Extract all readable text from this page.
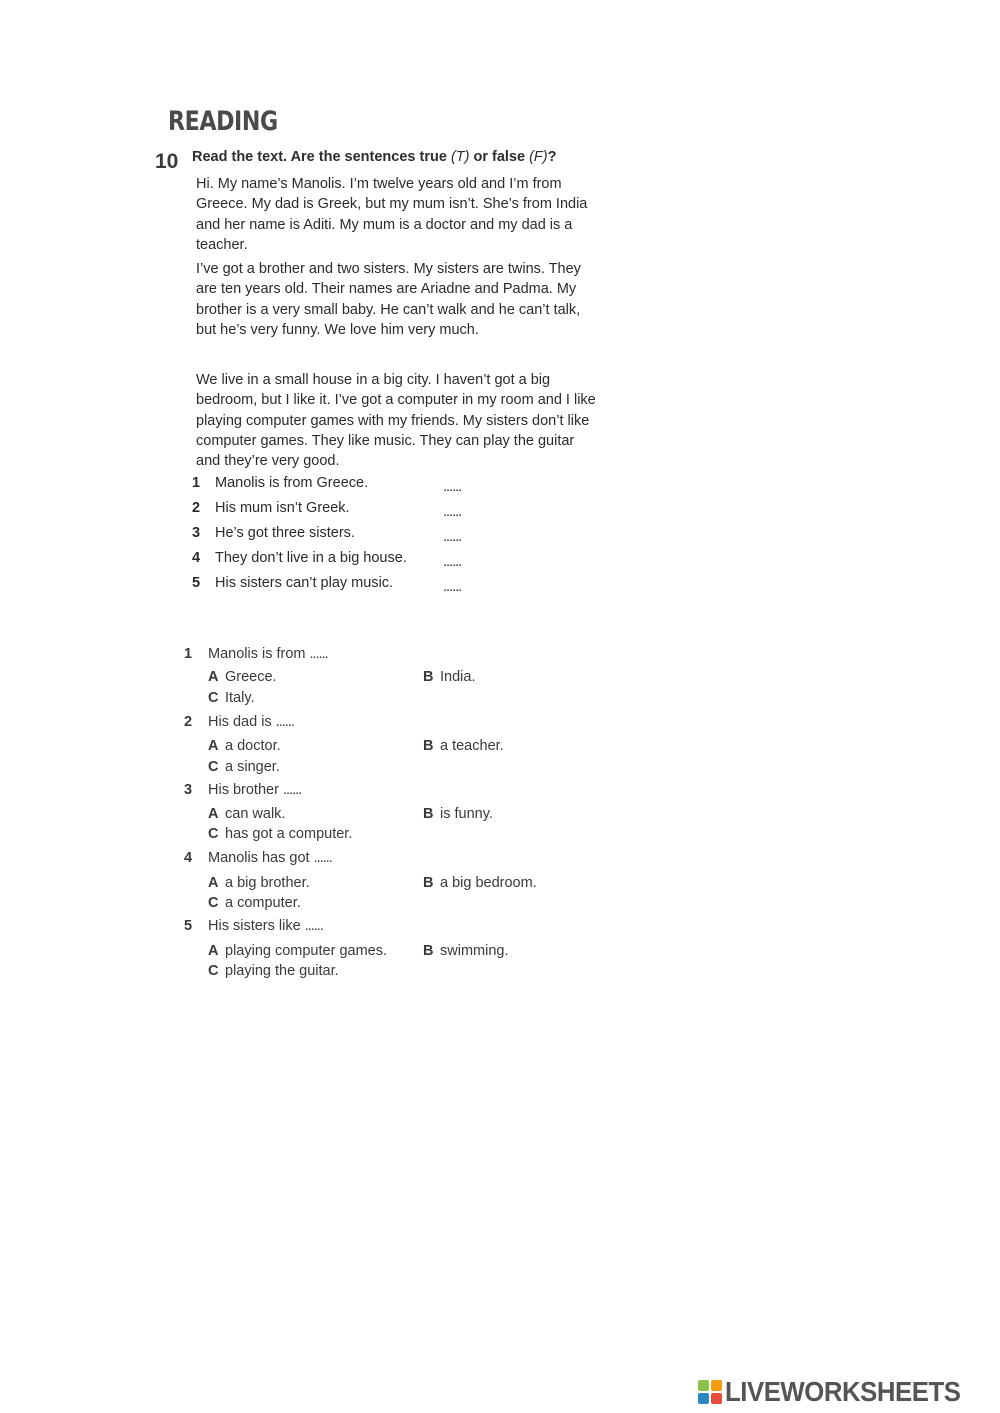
READING
10 Read the text. Are the sentences true (T) or false (F)?
Hi. My name’s Manolis. I’m twelve years old and I’m from Greece. My dad is Greek, but my mum isn’t. She’s from India and her name is Aditi. My mum is a doctor and my dad is a teacher.
I’ve got a brother and two sisters. My sisters are twins. They are ten years old. Their names are Ariadne and Padma. My brother is a very small baby. He can’t walk and he can’t talk, but he’s very funny. We love him very much.
We live in a small house in a big city. I haven’t got a big bedroom, but I like it. I’ve got a computer in my room and I like playing computer games with my friends. My sisters don’t like computer games. They like music. They can play the guitar and they’re very good.
1 Manolis is from Greece.	......
2 His mum isn’t Greek.	......
3 He’s got three sisters.	......
4 They don’t live in a big house. ......
5 His sisters can’t play music.	......
1 Manolis is from ......
A Greece.	B India.
C Italy.
2 His dad is ......
A a doctor.	B a teacher.
C a singer.
3 His brother ......
A can walk.	B is funny.
C has got a computer.
4 Manolis has got ......
A a big brother.	B a big bedroom.
C a computer.
5 His sisters like ......
A playing computer games. B swimming.
C playing the guitar.
LIVEWORKSHEETS
